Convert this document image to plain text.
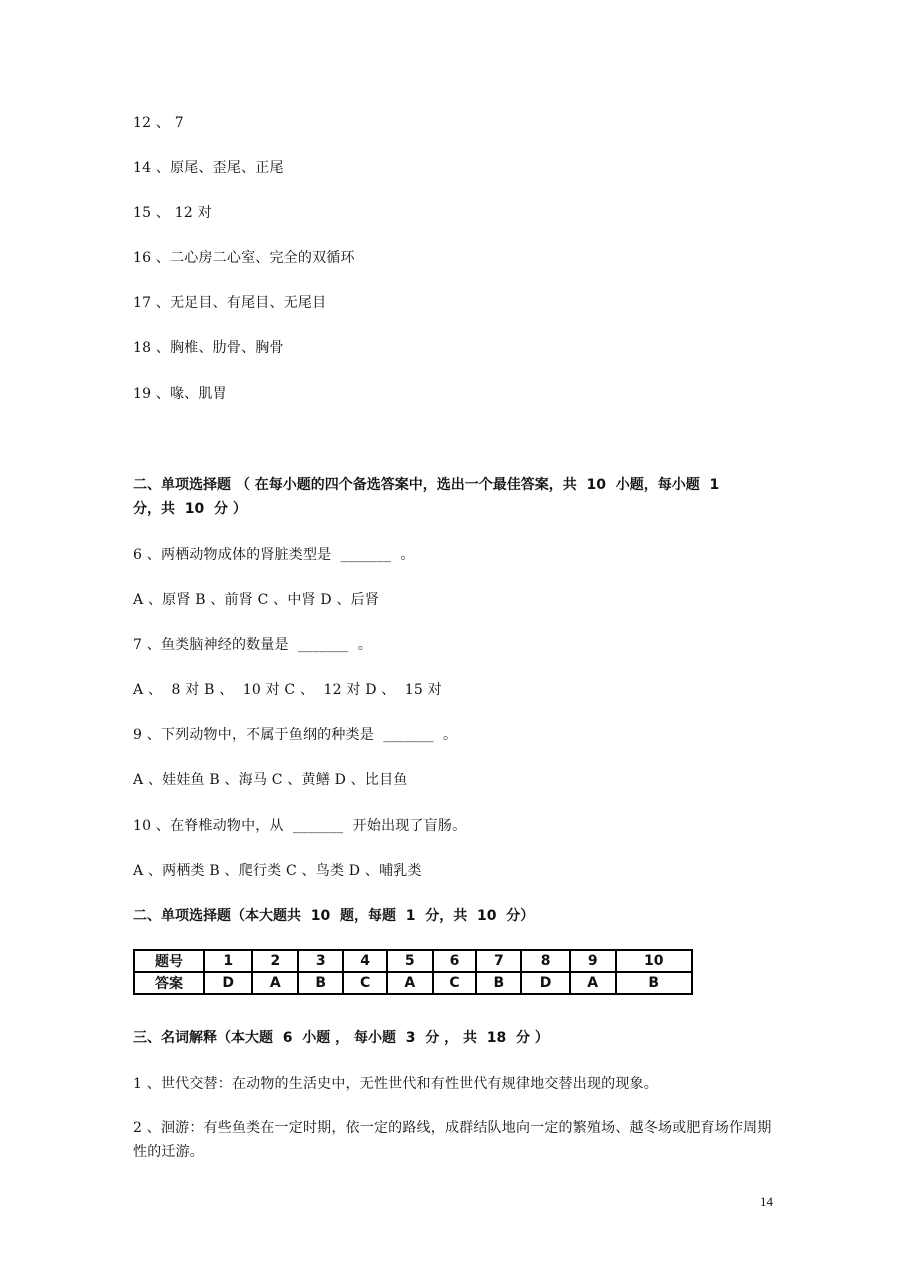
12 、 7
14 、原尾、歪尾、正尾
15 、 12 对
16 、二心房二心室、完全的双循环
17 、无足目、有尾目、无尾目
18 、胸椎、肋骨、胸骨
19 、喙、肌胃
二、单项选择题 （ 在每小题的四个备选答案中，选出一个最佳答案，共  10  小题，每小题  1
分，共  10  分 ）
6 、两栖动物成体的肾脏类型是  _______  。
A 、原肾 B 、前肾 C 、中肾 D 、后肾
7 、鱼类脑神经的数量是  _______  。
A 、  8 对 B 、  10 对 C 、  12 对 D 、  15 对
9 、下列动物中，不属于鱼纲的种类是  _______  。
A 、娃娃鱼 B 、海马 C 、黄鳝 D 、比目鱼
10 、在脊椎动物中，从  _______  开始出现了盲肠。
A 、两栖类 B 、爬行类 C 、鸟类 D 、哺乳类
二、单项选择题（本大题共  10  题，每题  1  分，共  10  分）
题号	1	2	3	4	5	6	7	8	9	10
答案	D	A	B	C	A	C	B	D	A	B
三、名词解释（本大题  6  小题 ， 每小题  3  分 ， 共  18  分 ）
1 、世代交替：在动物的生活史中，无性世代和有性世代有规律地交替出现的现象。
2 、洄游：有些鱼类在一定时期，依一定的路线，成群结队地向一定的繁殖场、越冬场或肥育场作周期性的迁游。
14
